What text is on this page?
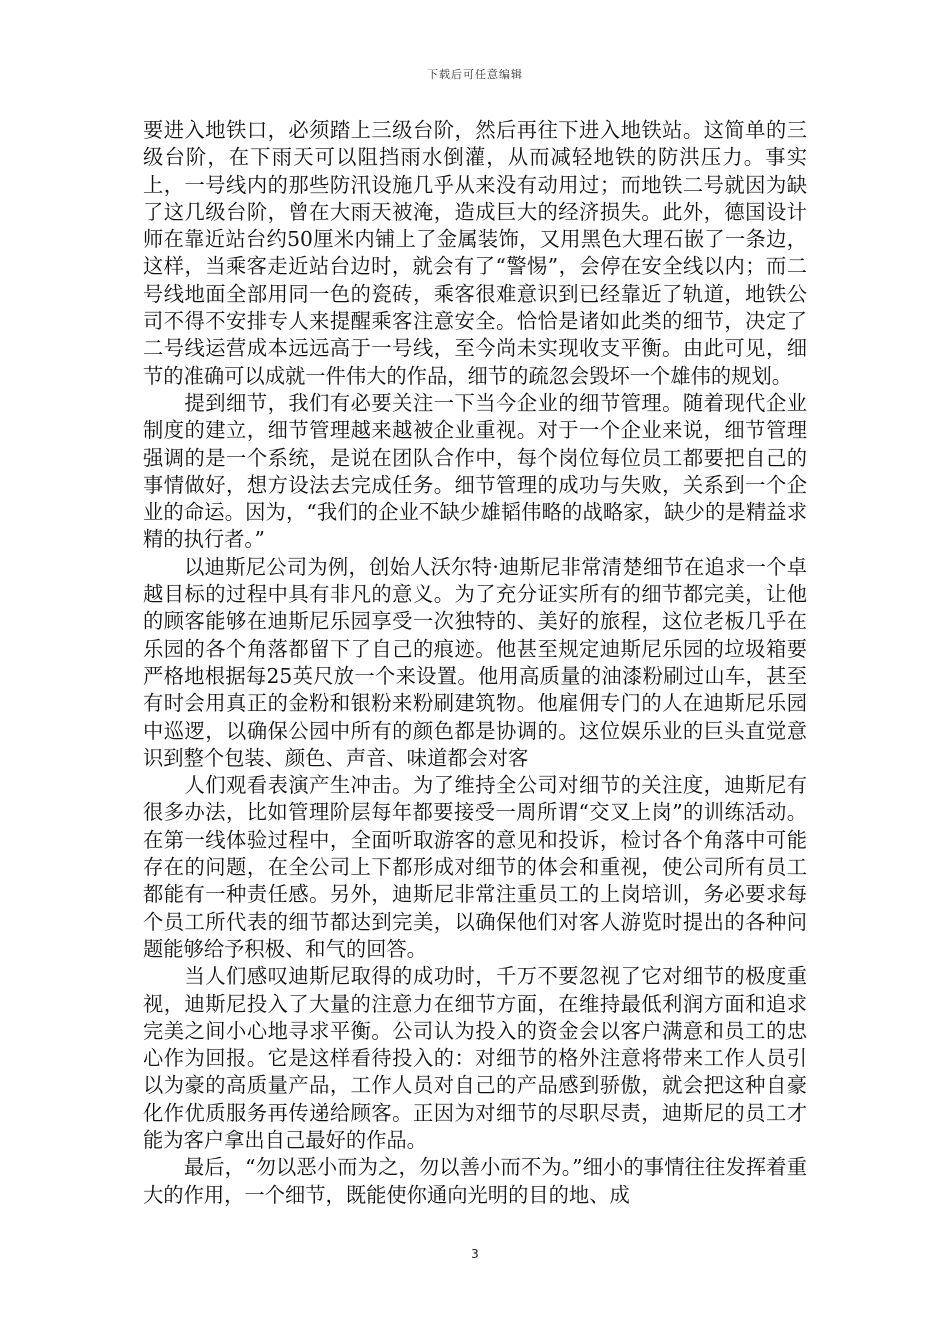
下载后可任意编辑

要进入地铁口，必须踏上三级台阶，然后再往下进入地铁站。这简单的三级台阶，在下雨天可以阻挡雨水倒灌，从而减轻地铁的防洪压力。事实上，一号线内的那些防汛设施几乎从来没有动用过；而地铁二号就因为缺了这几级台阶，曾在大雨天被淹，造成巨大的经济损失。此外，德国设计师在靠近站台约50厘米内铺上了金属装饰，又用黑色大理石嵌了一条边，这样，当乘客走近站台边时，就会有了“警惕”，会停在安全线以内；而二号线地面全部用同一色的瓷砖，乘客很难意识到已经靠近了轨道，地铁公司不得不安排专人来提醒乘客注意安全。恰恰是诸如此类的细节，决定了二号线运营成本远远高于一号线，至今尚未实现收支平衡。由此可见，细节的准确可以成就一件伟大的作品，细节的疏忽会毁坏一个雄伟的规划。

　　提到细节，我们有必要关注一下当今企业的细节管理。随着现代企业制度的建立，细节管理越来越被企业重视。对于一个企业来说，细节管理强调的是一个系统，是说在团队合作中，每个岗位每位员工都要把自己的事情做好，想方设法去完成任务。细节管理的成功与失败，关系到一个企业的命运。因为，“我们的企业不缺少雄韬伟略的战略家，缺少的是精益求精的执行者。”

　　以迪斯尼公司为例，创始人沃尔特·迪斯尼非常清楚细节在追求一个卓越目标的过程中具有非凡的意义。为了充分证实所有的细节都完美，让他的顾客能够在迪斯尼乐园享受一次独特的、美好的旅程，这位老板几乎在乐园的各个角落都留下了自己的痕迹。他甚至规定迪斯尼乐园的垃圾箱要严格地根据每25英尺放一个来设置。他用高质量的油漆粉刷过山车，甚至有时会用真正的金粉和银粉来粉刷建筑物。他雇佣专门的人在迪斯尼乐园中巡逻，以确保公园中所有的颜色都是协调的。这位娱乐业的巨头直觉意识到整个包装、颜色、声音、味道都会对客

　　人们观看表演产生冲击。为了维持全公司对细节的关注度，迪斯尼有很多办法，比如管理阶层每年都要接受一周所谓“交叉上岗”的训练活动。在第一线体验过程中，全面听取游客的意见和投诉，检讨各个角落中可能存在的问题，在全公司上下都形成对细节的体会和重视，使公司所有员工都能有一种责任感。另外，迪斯尼非常注重员工的上岗培训，务必要求每个员工所代表的细节都达到完美，以确保他们对客人游览时提出的各种问题能够给予积极、和气的回答。

　　当人们感叹迪斯尼取得的成功时，千万不要忽视了它对细节的极度重视，迪斯尼投入了大量的注意力在细节方面，在维持最低利润方面和追求完美之间小心地寻求平衡。公司认为投入的资金会以客户满意和员工的忠心作为回报。它是这样看待投入的：对细节的格外注意将带来工作人员引以为豪的高质量产品，工作人员对自己的产品感到骄傲，就会把这种自豪化作优质服务再传递给顾客。正因为对细节的尽职尽责，迪斯尼的员工才能为客户拿出自己最好的作品。

　　最后，“勿以恶小而为之，勿以善小而不为。”细小的事情往往发挥着重大的作用，一个细节，既能使你通向光明的目的地、成

3
